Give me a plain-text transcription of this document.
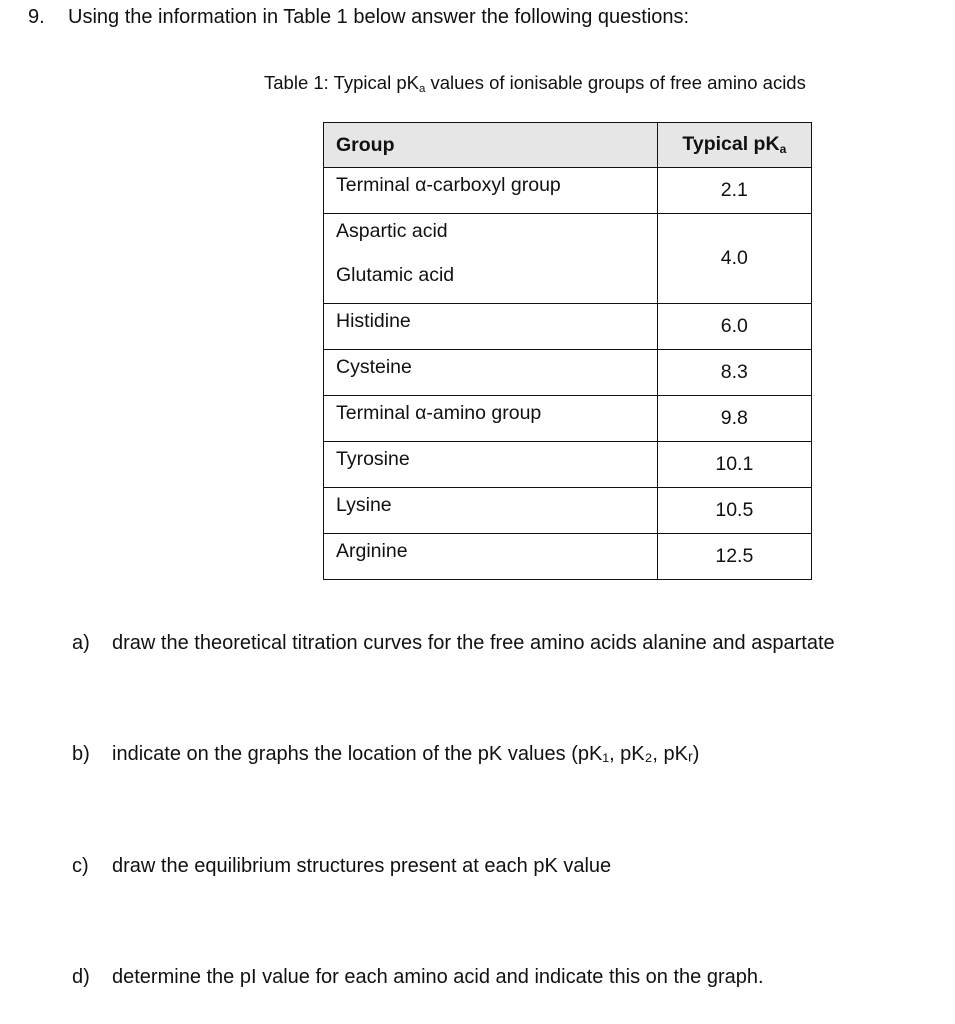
9. Using the information in Table 1 below answer the following questions:
Table 1: Typical $pK_a$ values of ionisable groups of free amino acids
Group	Typical $pK_a$
Terminal α-carboxyl group	2.1

Aspartic acid
Glutamic acid	4.0
Histidine	6.0
Cysteine	8.3
Terminal α-amino group	9.8
Tyrosine	10.1
Lysine	10.5
Arginine	12.5
a) draw the theoretical titration curves for the free amino acids alanine and aspartate
b) indicate on the graphs the location of the pK values (pK₁, pK₂, pKᵣ)
c) draw the equilibrium structures present at each pK value
d) determine the pI value for each amino acid and indicate this on the graph.
